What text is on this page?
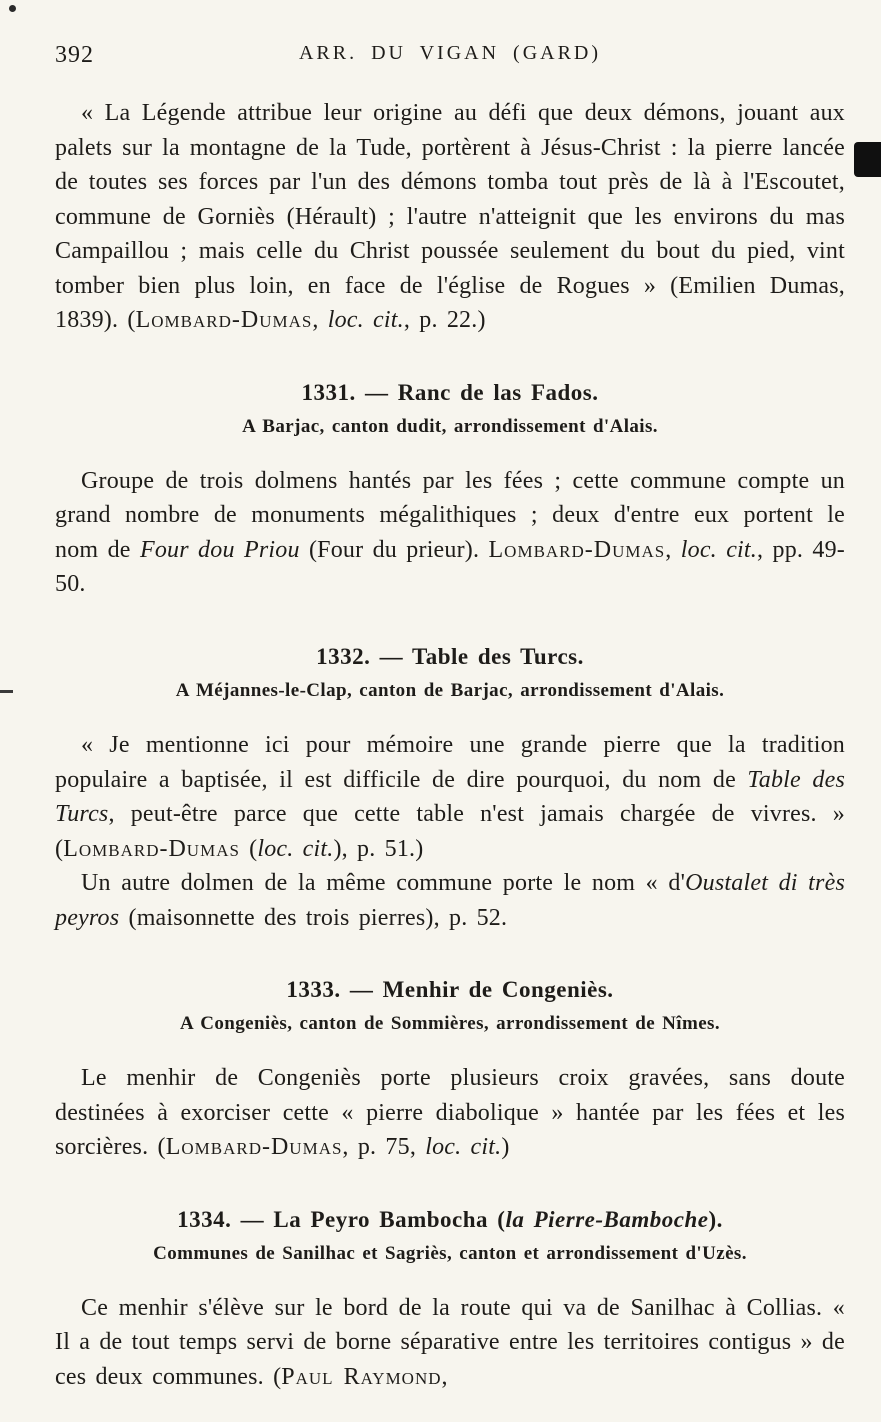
392	ARR. DU VIGAN (GARD)

« La Légende attribue leur origine au défi que deux démons, jouant aux palets sur la montagne de la Tude, portèrent à Jésus-Christ : la pierre lancée de toutes ses forces par l'un des démons tomba tout près de là à l'Escoutet, commune de Gorniès (Hérault) ; l'autre n'atteignit que les environs du mas Campaillou ; mais celle du Christ poussée seulement du bout du pied, vint tomber bien plus loin, en face de l'église de Rogues » (Emilien Dumas, 1839). (Lombard-Dumas, loc. cit., p. 22.)

1331. — Ranc de las Fados.
A Barjac, canton dudit, arrondissement d'Alais.

Groupe de trois dolmens hantés par les fées ; cette commune compte un grand nombre de monuments mégalithiques ; deux d'entre eux portent le nom de Four dou Priou (Four du prieur). Lombard-Dumas, loc. cit., pp. 49-50.

1332. — Table des Turcs.
A Méjannes-le-Clap, canton de Barjac, arrondissement d'Alais.

« Je mentionne ici pour mémoire une grande pierre que la tradition populaire a baptisée, il est difficile de dire pourquoi, du nom de Table des Turcs, peut-être parce que cette table n'est jamais chargée de vivres. » (Lombard-Dumas (loc. cit.), p. 51.)

Un autre dolmen de la même commune porte le nom « d'Oustalet di très peyros (maisonnette des trois pierres), p. 52.

1333. — Menhir de Congeniès.
A Congeniès, canton de Sommières, arrondissement de Nîmes.

Le menhir de Congeniès porte plusieurs croix gravées, sans doute destinées à exorciser cette « pierre diabolique » hantée par les fées et les sorcières. (Lombard-Dumas, p. 75, loc. cit.)

1334. — La Peyro Bambocha (la Pierre-Bamboche).
Communes de Sanilhac et Sagriès, canton et arrondissement d'Uzès.

Ce menhir s'élève sur le bord de la route qui va de Sanilhac à Collias. « Il a de tout temps servi de borne séparative entre les territoires contigus » de ces deux communes. (Paul Raymond,
